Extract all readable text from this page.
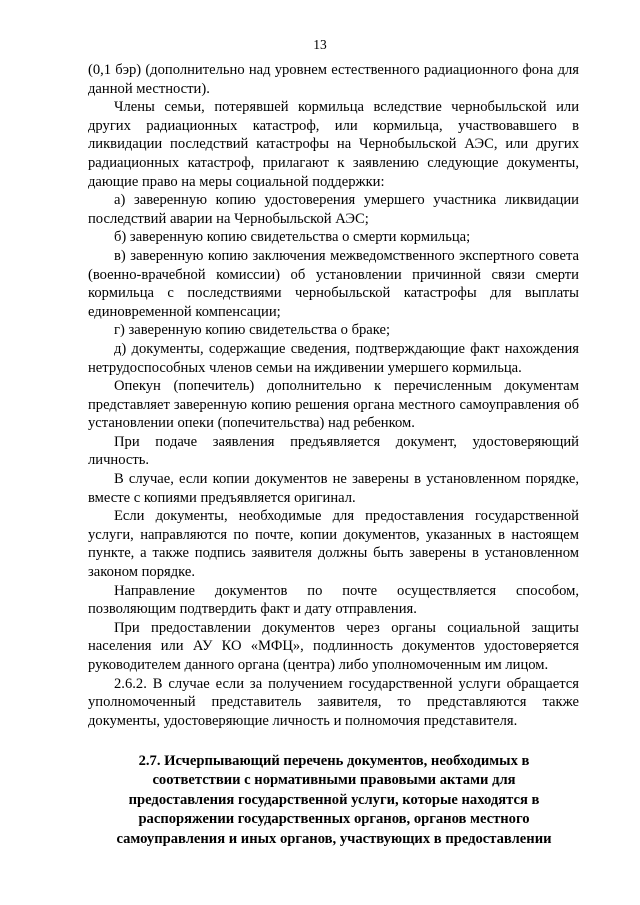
13

(0,1 бэр) (дополнительно над уровнем естественного радиационного фона для данной местности).

Члены семьи, потерявшей кормильца вследствие чернобыльской или других радиационных катастроф, или кормильца, участвовавшего в ликвидации последствий катастрофы на Чернобыльской АЭС, или других радиационных катастроф, прилагают к заявлению следующие документы, дающие право на меры социальной поддержки:

а) заверенную копию удостоверения умершего участника ликвидации последствий аварии на Чернобыльской АЭС;

б) заверенную копию свидетельства о смерти кормильца;

в) заверенную копию заключения межведомственного экспертного совета (военно-врачебной комиссии) об установлении причинной связи смерти кормильца с последствиями чернобыльской катастрофы для выплаты единовременной компенсации;

г) заверенную копию свидетельства о браке;

д) документы, содержащие сведения, подтверждающие факт нахождения нетрудоспособных членов семьи на иждивении умершего кормильца.

Опекун (попечитель) дополнительно к перечисленным документам представляет заверенную копию решения органа местного самоуправления об установлении опеки (попечительства) над ребенком.

При подаче заявления предъявляется документ, удостоверяющий личность.

В случае, если копии документов не заверены в установленном порядке, вместе с копиями предъявляется оригинал.

Если документы, необходимые для предоставления государственной услуги, направляются по почте, копии документов, указанных в настоящем пункте, а также подпись заявителя должны быть заверены в установленном законом порядке.

Направление документов по почте осуществляется способом, позволяющим подтвердить факт и дату отправления.

При предоставлении документов через органы социальной защиты населения или АУ КО «МФЦ», подлинность документов удостоверяется руководителем данного органа (центра) либо уполномоченным им лицом.

2.6.2. В случае если за получением государственной услуги обращается уполномоченный представитель заявителя, то представляются также документы, удостоверяющие личность и полномочия представителя.

2.7. Исчерпывающий перечень документов, необходимых в
соответствии с нормативными правовыми актами для
предоставления государственной услуги, которые находятся в
распоряжении государственных органов, органов местного
самоуправления и иных органов, участвующих в предоставлении
